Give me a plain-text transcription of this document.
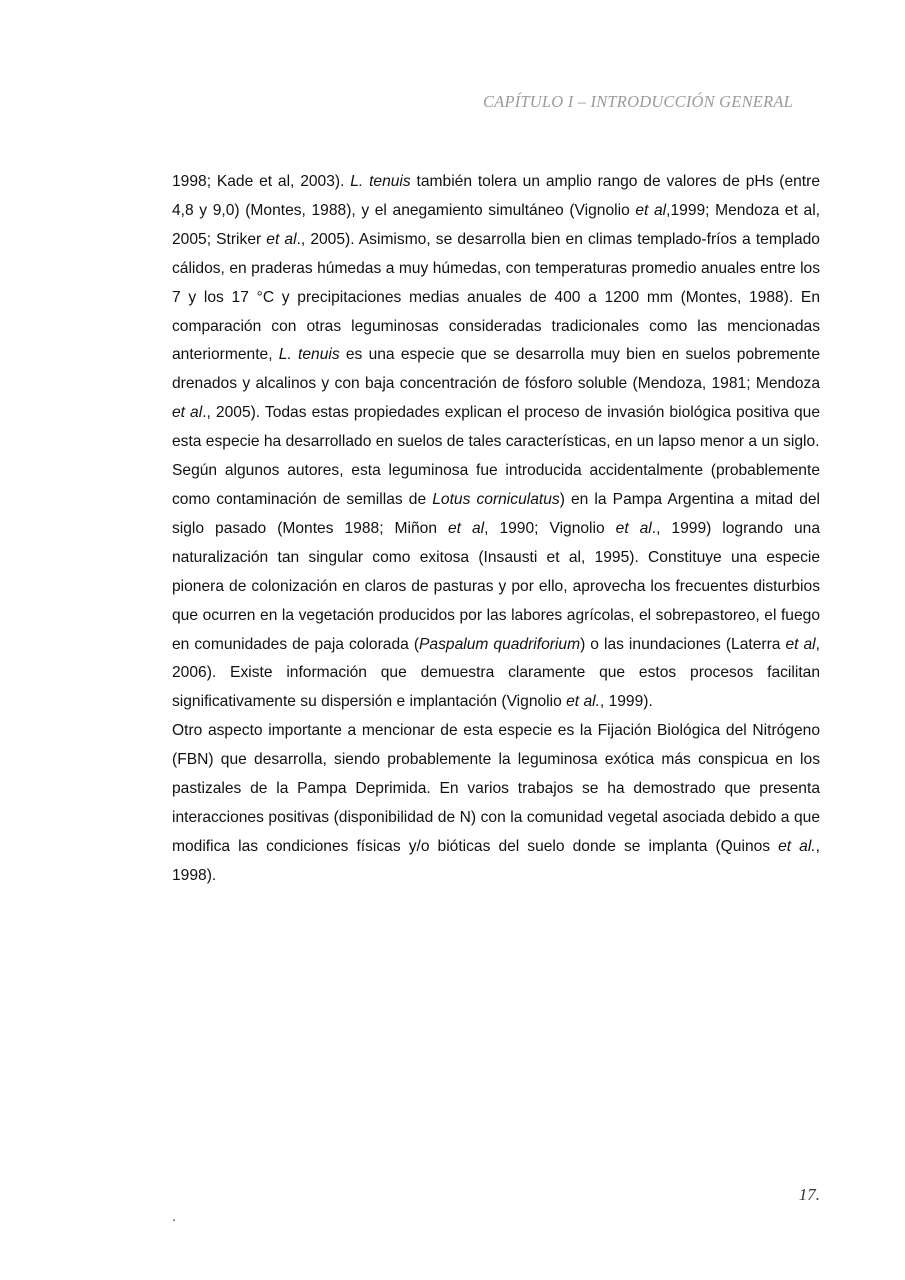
CAPÍTULO I – INTRODUCCIÓN GENERAL

1998; Kade et al, 2003). L. tenuis también tolera un amplio rango de valores de pHs (entre 4,8 y 9,0) (Montes, 1988), y el anegamiento simultáneo (Vignolio et al,1999; Mendoza et al, 2005; Striker et al., 2005). Asimismo, se desarrolla bien en climas templado-fríos a templado cálidos, en praderas húmedas a muy húmedas, con temperaturas promedio anuales entre los 7 y los 17 °C y precipitaciones medias anuales de 400 a 1200 mm (Montes, 1988). En comparación con otras leguminosas consideradas tradicionales como las mencionadas anteriormente, L. tenuis es una especie que se desarrolla muy bien en suelos pobremente drenados y alcalinos y con baja concentración de fósforo soluble (Mendoza, 1981; Mendoza et al., 2005). Todas estas propiedades explican el proceso de invasión biológica positiva que esta especie ha desarrollado en suelos de tales características, en un lapso menor a un siglo.

Según algunos autores, esta leguminosa fue introducida accidentalmente (probablemente como contaminación de semillas de Lotus corniculatus) en la Pampa Argentina a mitad del siglo pasado (Montes 1988; Miñon et al, 1990; Vignolio et al., 1999) logrando una naturalización tan singular como exitosa (Insausti et al, 1995). Constituye una especie pionera de colonización en claros de pasturas y por ello, aprovecha los frecuentes disturbios que ocurren en la vegetación producidos por las labores agrícolas, el sobrepastoreo, el fuego en comunidades de paja colorada (Paspalum quadriforium) o las inundaciones (Laterra et al, 2006). Existe información que demuestra claramente que estos procesos facilitan significativamente su dispersión e implantación (Vignolio et al., 1999).

Otro aspecto importante a mencionar de esta especie es la Fijación Biológica del Nitrógeno (FBN) que desarrolla, siendo probablemente la leguminosa exótica más conspicua en los pastizales de la Pampa Deprimida. En varios trabajos se ha demostrado que presenta interacciones positivas (disponibilidad de N) con la comunidad vegetal asociada debido a que modifica las condiciones físicas y/o bióticas del suelo donde se implanta (Quinos et al., 1998).

17.
.
